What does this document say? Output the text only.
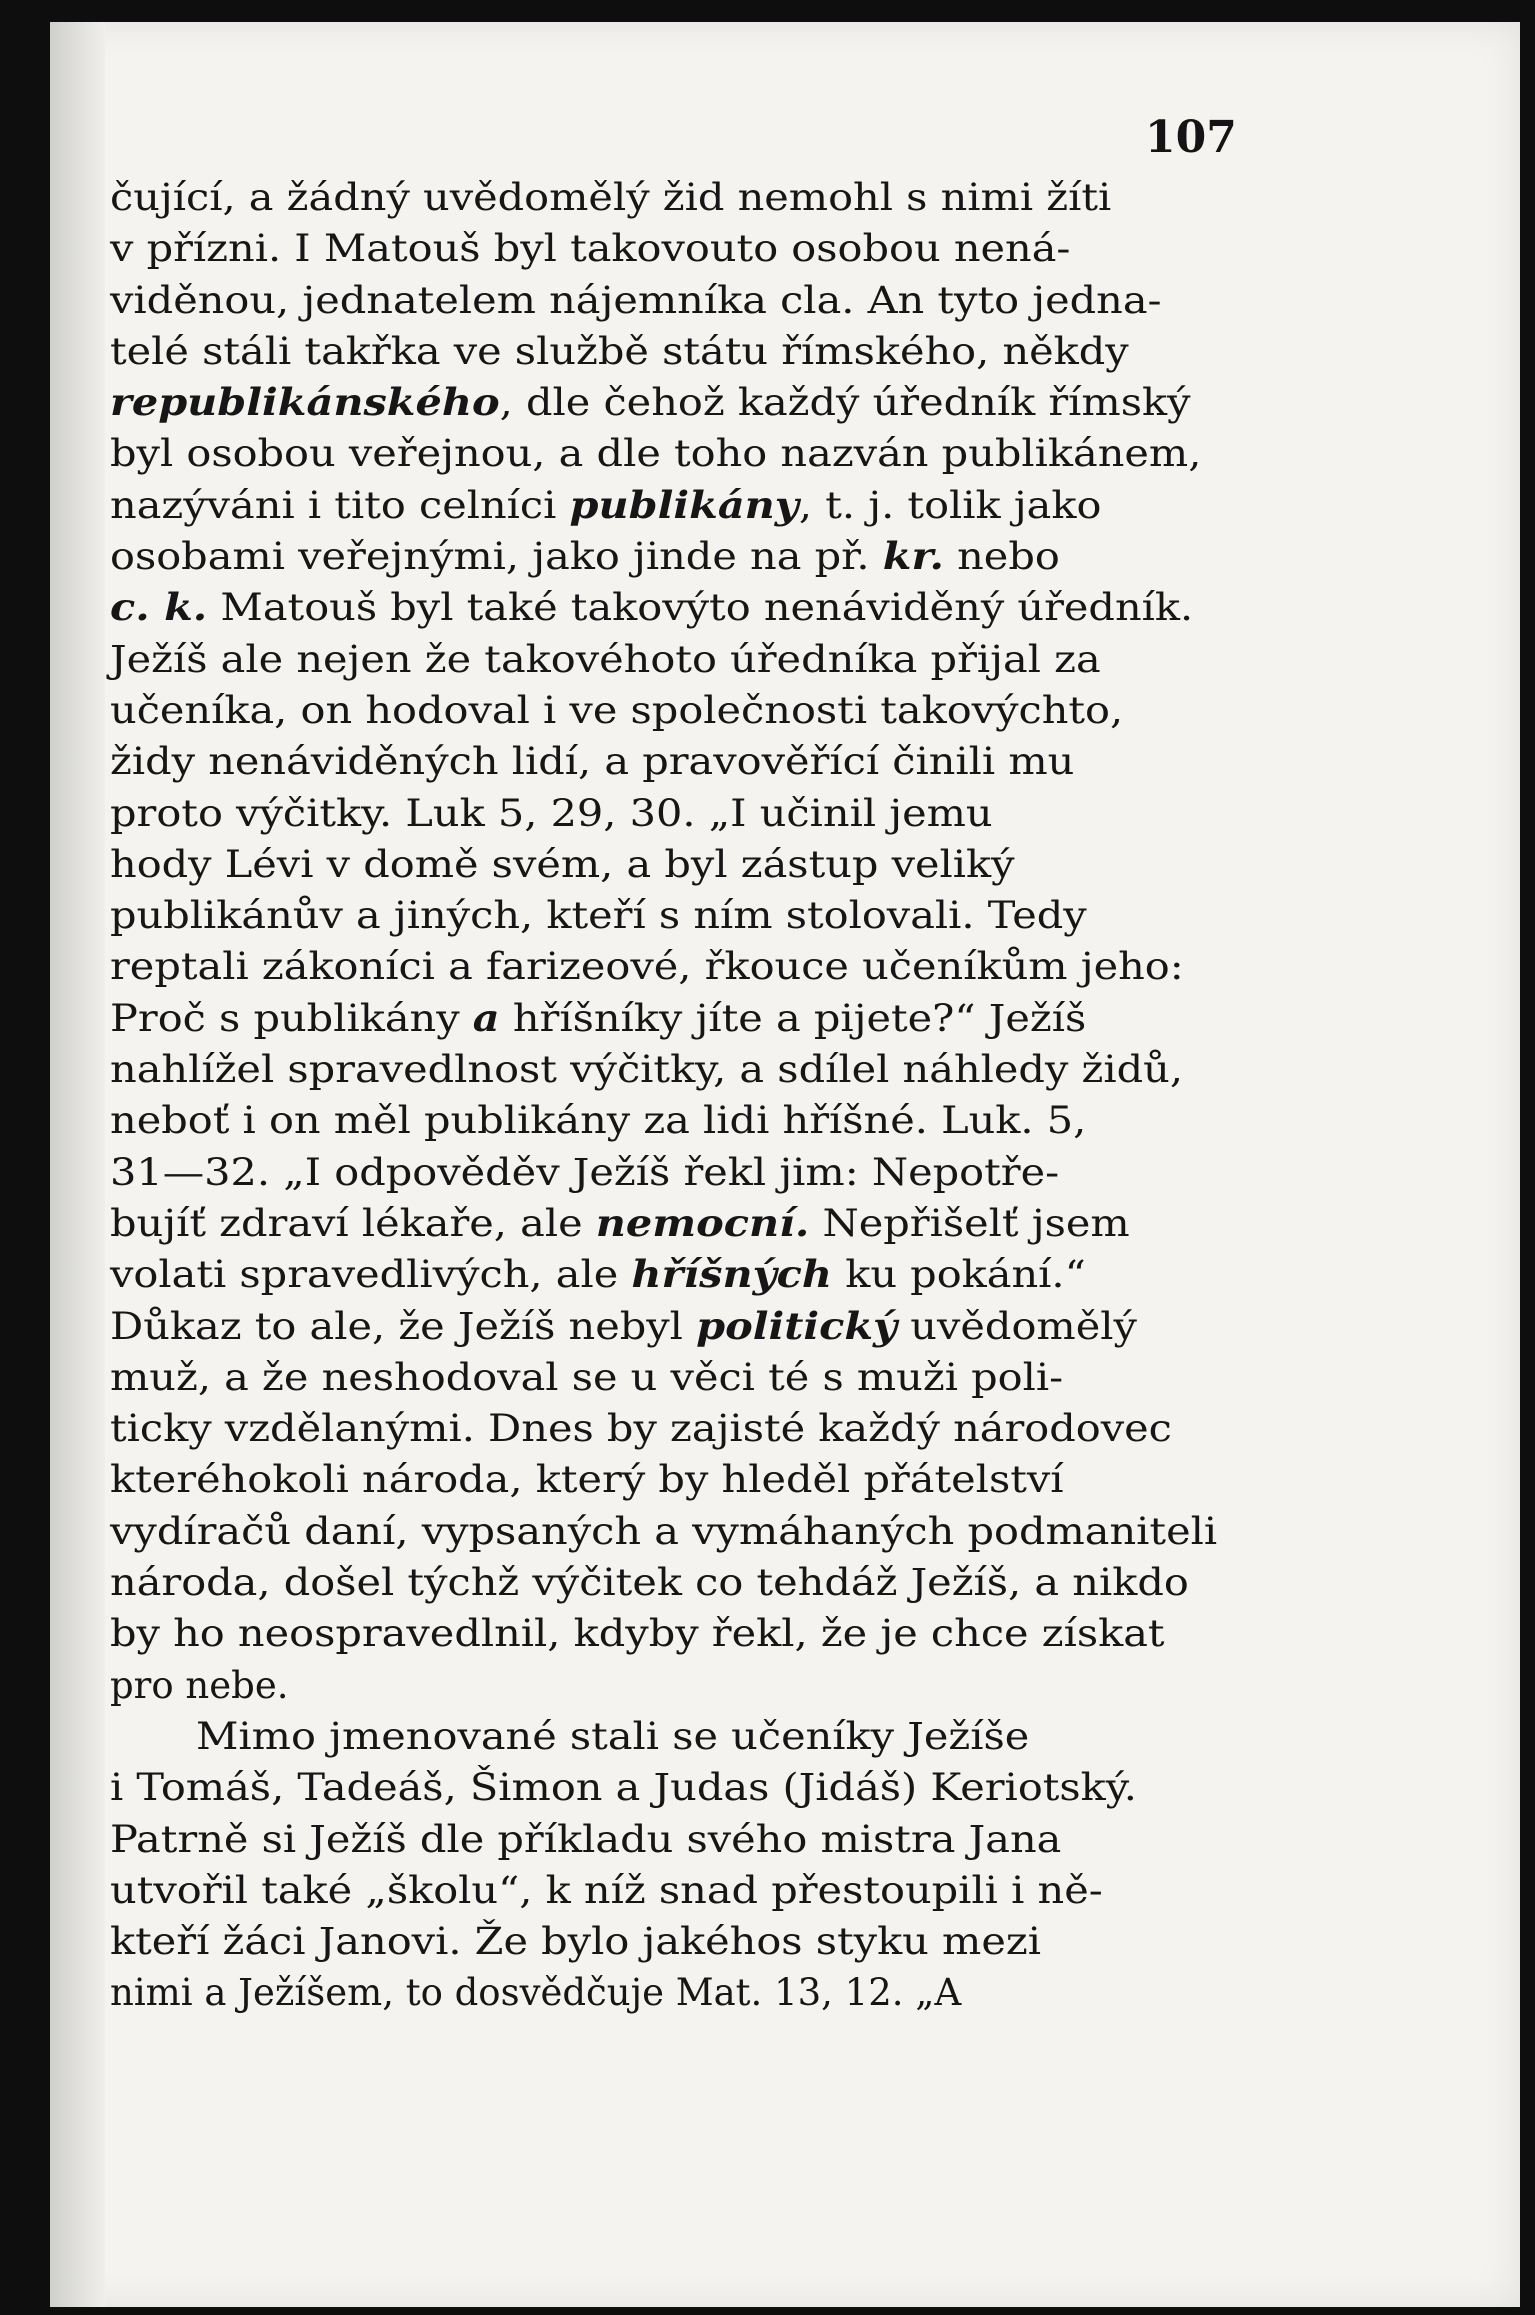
107

čující, a žádný uvědomělý žid nemohl s nimi žíti
v přízni. I Matouš byl takovouto osobou nená-
viděnou, jednatelem nájemníka cla. An tyto jedna-
telé stáli takřka ve službě státu římského, někdy
republikánského, dle čehož každý úředník římský
byl osobou veřejnou, a dle toho nazván publikánem,
nazýváni i tito celníci publikány, t. j. tolik jako
osobami veřejnými, jako jinde na př. kr. nebo
c. k. Matouš byl také takovýto nenáviděný úředník.
Ježíš ale nejen že takovéhoto úředníka přijal za
učeníka, on hodoval i ve společnosti takovýchto,
židy nenáviděných lidí, a pravověřící činili mu
proto výčitky. Luk 5, 29, 30. „I učinil jemu
hody Lévi v domě svém, a byl zástup veliký
publikánův a jiných, kteří s ním stolovali. Tedy
reptali zákoníci a farizeové, řkouce učeníkům jeho:
Proč s publikány a hříšníky jíte a pijete?“ Ježíš
nahlížel spravedlnost výčitky, a sdílel náhledy židů,
neboť i on měl publikány za lidi hříšné. Luk. 5,
31—32. „I odpověděv Ježíš řekl jim: Nepotře-
bujíť zdraví lékaře, ale nemocní. Nepřišelť jsem
volati spravedlivých, ale hříšných ku pokání.“
Důkaz to ale, že Ježíš nebyl politický uvědomělý
muž, a že neshodoval se u věci té s muži poli-
ticky vzdělanými. Dnes by zajisté každý národovec
kteréhokoli národa, který by hleděl přátelství
vydíračů daní, vypsaných a vymáhaných podmaniteli
národa, došel týchž výčitek co tehdáž Ježíš, a nikdo
by ho neospravedlnil, kdyby řekl, že je chce získat
pro nebe.
Mimo jmenované stali se učeníky Ježíše
i Tomáš, Tadeáš, Šimon a Judas (Jidáš) Keriotský.
Patrně si Ježíš dle příkladu svého mistra Jana
utvořil také „školu“, k níž snad přestoupili i ně-
kteří žáci Janovi. Že bylo jakéhos styku mezi
nimi a Ježíšem, to dosvědčuje Mat. 13, 12. „A
